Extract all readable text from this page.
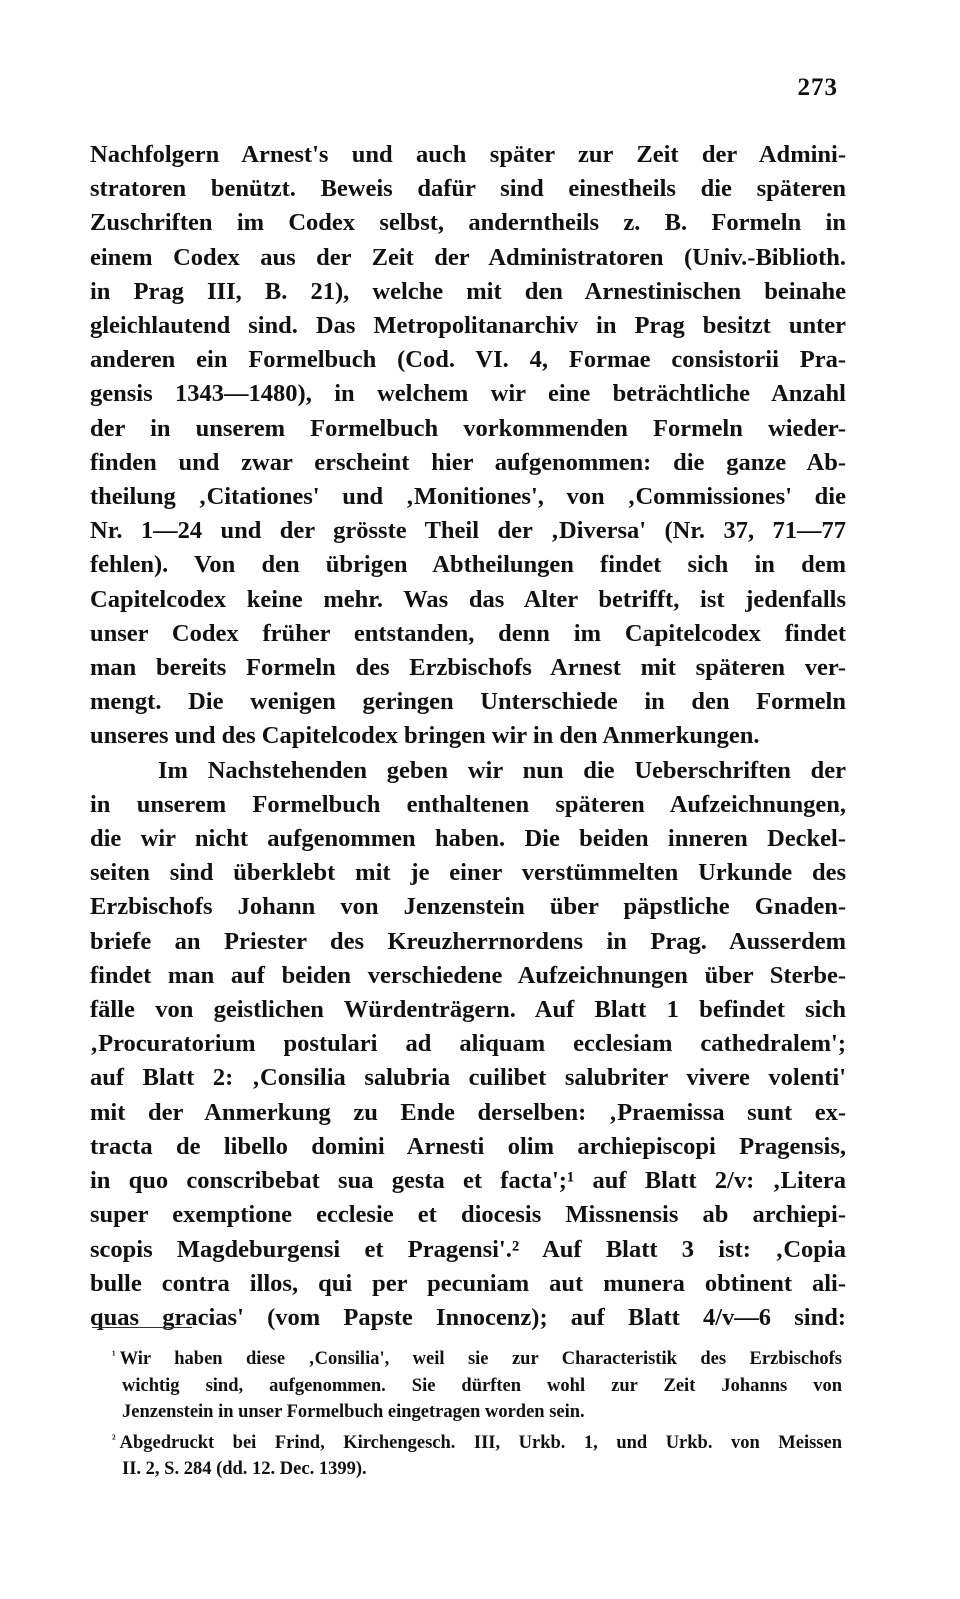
273
Nachfolgern Arnest's und auch später zur Zeit der Admini-
stratoren benützt. Beweis dafür sind einestheils die späteren
Zuschriften im Codex selbst, anderntheils z. B. Formeln in
einem Codex aus der Zeit der Administratoren (Univ.-Biblioth.
in Prag III, B. 21), welche mit den Arnestinischen beinahe
gleichlautend sind. Das Metropolitanarchiv in Prag besitzt unter
anderen ein Formelbuch (Cod. VI. 4, Formae consistorii Pra-
gensis 1343—1480), in welchem wir eine beträchtliche Anzahl
der in unserem Formelbuch vorkommenden Formeln wieder-
finden und zwar erscheint hier aufgenommen: die ganze Ab-
theilung ‚Citationes' und ‚Monitiones', von ‚Commissiones' die
Nr. 1—24 und der grösste Theil der ‚Diversa' (Nr. 37, 71—77
fehlen). Von den übrigen Abtheilungen findet sich in dem
Capitelcodex keine mehr. Was das Alter betrifft, ist jedenfalls
unser Codex früher entstanden, denn im Capitelcodex findet
man bereits Formeln des Erzbischofs Arnest mit späteren ver-
mengt. Die wenigen geringen Unterschiede in den Formeln
unseres und des Capitelcodex bringen wir in den Anmerkungen.
Im Nachstehenden geben wir nun die Ueberschriften der
in unserem Formelbuch enthaltenen späteren Aufzeichnungen,
die wir nicht aufgenommen haben. Die beiden inneren Deckel-
seiten sind überklebt mit je einer verstümmelten Urkunde des
Erzbischofs Johann von Jenzenstein über päpstliche Gnaden-
briefe an Priester des Kreuzherrnordens in Prag. Ausserdem
findet man auf beiden verschiedene Aufzeichnungen über Sterbe-
fälle von geistlichen Würdenträgern. Auf Blatt 1 befindet sich
‚Procuratorium postulari ad aliquam ecclesiam cathedralem';
auf Blatt 2: ‚Consilia salubria cuilibet salubriter vivere volenti'
mit der Anmerkung zu Ende derselben: ‚Praemissa sunt ex-
tracta de libello domini Arnesti olim archiepiscopi Pragensis,
in quo conscribebat sua gesta et facta';¹ auf Blatt 2/v: ‚Litera
super exemptione ecclesie et diocesis Missnensis ab archiepi-
scopis Magdeburgensi et Pragensi'.² Auf Blatt 3 ist: ‚Copia
bulle contra illos, qui per pecuniam aut munera obtinent ali-
quas gracias' (vom Papste Innocenz); auf Blatt 4/v—6 sind:
$^{^1}$ Wir haben diese ‚Consilia', weil sie zur Characteristik des Erzbischofs
wichtig sind, aufgenommen. Sie dürften wohl zur Zeit Johanns von
Jenzenstein in unser Formelbuch eingetragen worden sein.
$^{^2}$ Abgedruckt bei Frind, Kirchengesch. III, Urkb. 1, und Urkb. von Meissen
II. 2, S. 284 (dd. 12. Dec. 1399).
